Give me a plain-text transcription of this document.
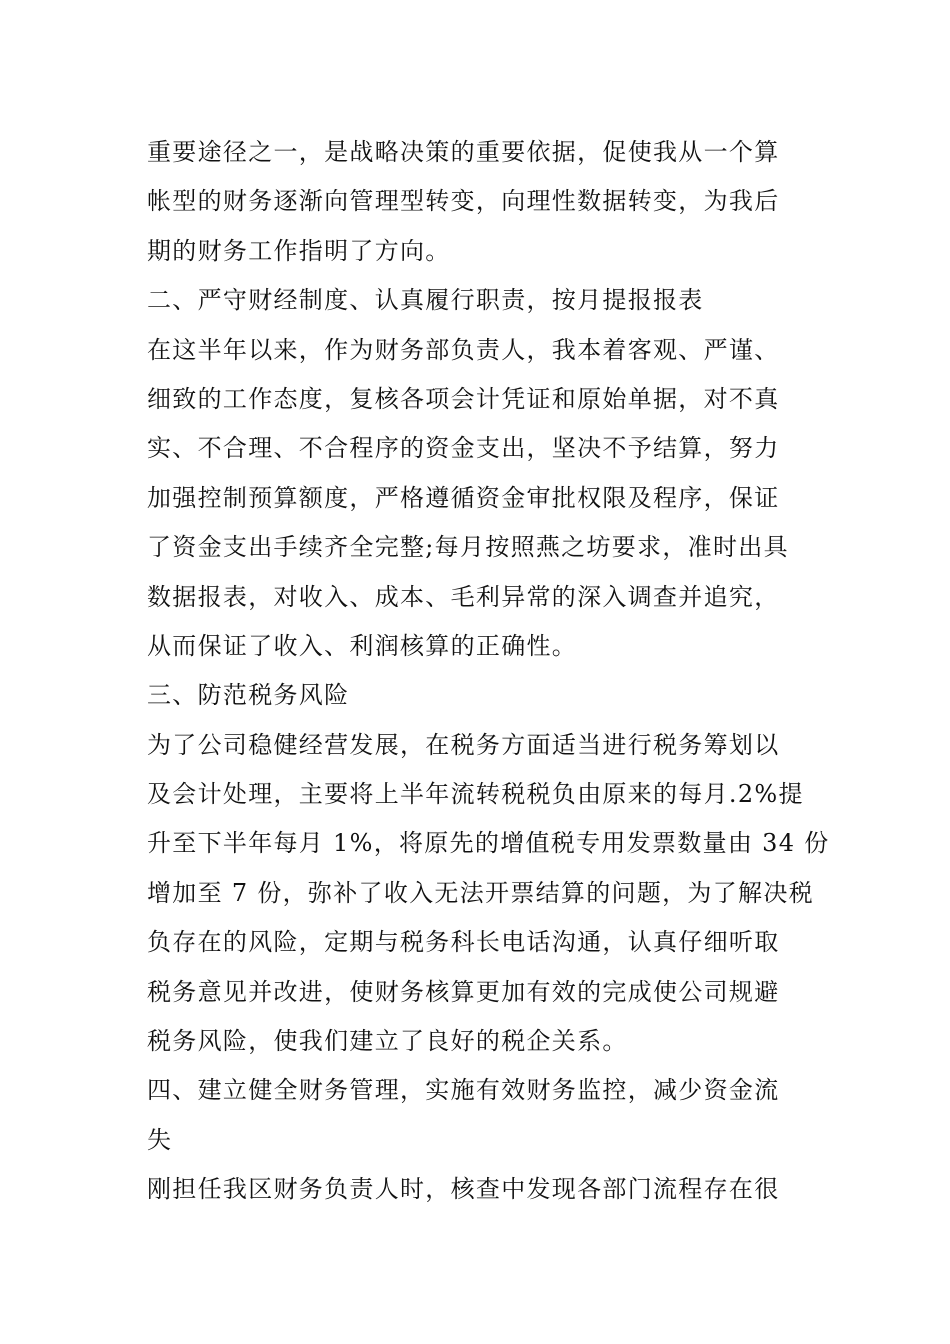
重要途径之一，是战略决策的重要依据，促使我从一个算
帐型的财务逐渐向管理型转变，向理性数据转变，为我后
期的财务工作指明了方向。
二、严守财经制度、认真履行职责，按月提报报表
在这半年以来，作为财务部负责人，我本着客观、严谨、
细致的工作态度，复核各项会计凭证和原始单据，对不真
实、不合理、不合程序的资金支出，坚决不予结算，努力
加强控制预算额度，严格遵循资金审批权限及程序，保证
了资金支出手续齐全完整;每月按照燕之坊要求，准时出具
数据报表，对收入、成本、毛利异常的深入调查并追究，
从而保证了收入、利润核算的正确性。
三、防范税务风险
为了公司稳健经营发展，在税务方面适当进行税务筹划以
及会计处理，主要将上半年流转税税负由原来的每月.2%提
升至下半年每月 1%，将原先的增值税专用发票数量由 34 份
增加至 7 份，弥补了收入无法开票结算的问题，为了解决税
负存在的风险，定期与税务科长电话沟通，认真仔细听取
税务意见并改进，使财务核算更加有效的完成使公司规避
税务风险，使我们建立了良好的税企关系。
四、建立健全财务管理，实施有效财务监控，减少资金流
失
刚担任我区财务负责人时，核查中发现各部门流程存在很
